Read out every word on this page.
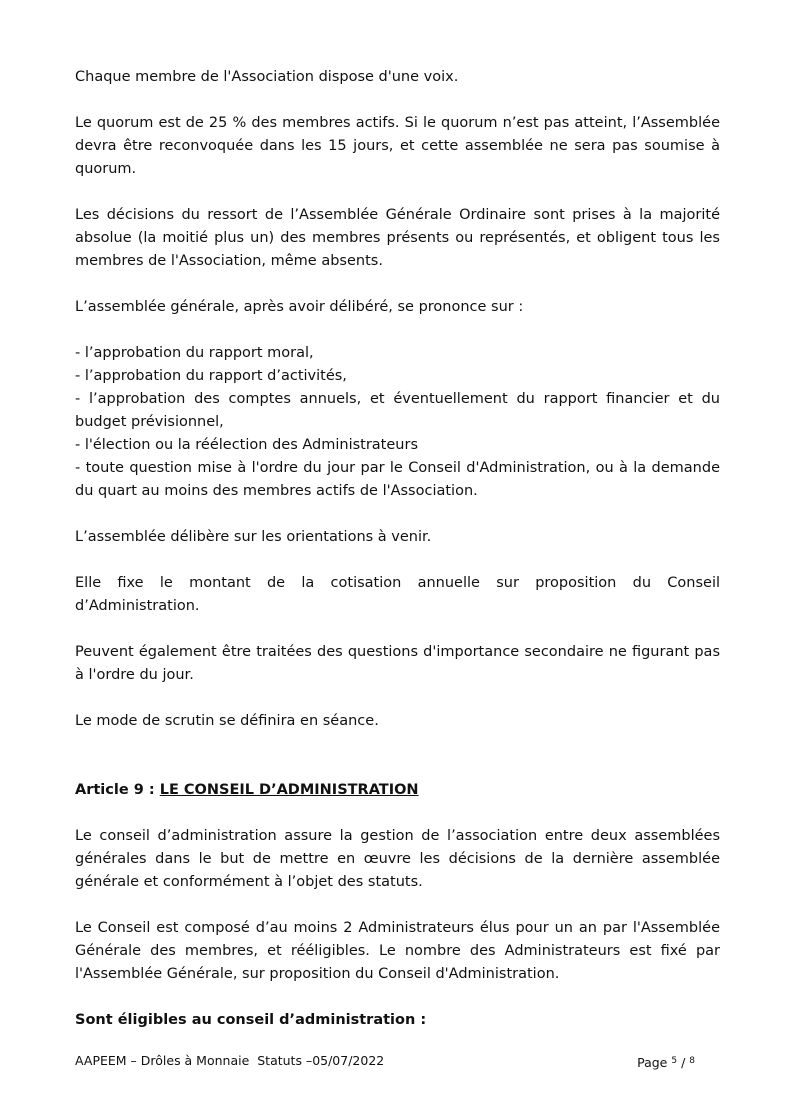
Chaque membre de l'Association dispose d'une voix.

Le quorum est de 25 % des membres actifs. Si le quorum n’est pas atteint, l’Assemblée devra être reconvoquée dans les 15 jours, et cette assemblée ne sera pas soumise à quorum.

Les décisions du ressort de l’Assemblée Générale Ordinaire sont prises à la majorité absolue (la moitié plus un) des membres présents ou représentés, et obligent tous les membres de l'Association, même absents.

L’assemblée générale, après avoir délibéré, se prononce sur :

- l’approbation du rapport moral,
- l’approbation du rapport d’activités,
- l’approbation des comptes annuels, et éventuellement du rapport financier et du budget prévisionnel,
- l'élection ou la réélection des Administrateurs
- toute question mise à l'ordre du jour par le Conseil d'Administration, ou à la demande du quart au moins des membres actifs de l'Association.

L’assemblée délibère sur les orientations à venir.

Elle fixe le montant de la cotisation annuelle sur proposition du Conseil d’Administration.

Peuvent également être traitées des questions d'importance secondaire ne figurant pas à l'ordre du jour.

Le mode de scrutin se définira en séance.

Article 9 : LE CONSEIL D’ADMINISTRATION

Le conseil d’administration assure la gestion de l’association entre deux assemblées générales dans le but de mettre en œuvre les décisions de la dernière assemblée générale et conformément à l’objet des statuts.

Le Conseil est composé d’au moins 2 Administrateurs élus pour un an par l'Assemblée Générale des membres, et rééligibles. Le nombre des Administrateurs est fixé par l'Assemblée Générale, sur proposition du Conseil d'Administration.

Sont éligibles au conseil d’administration :

AAPEEM – Drôles à Monnaie  Statuts –05/07/2022	Page $^5$ / $^8$
